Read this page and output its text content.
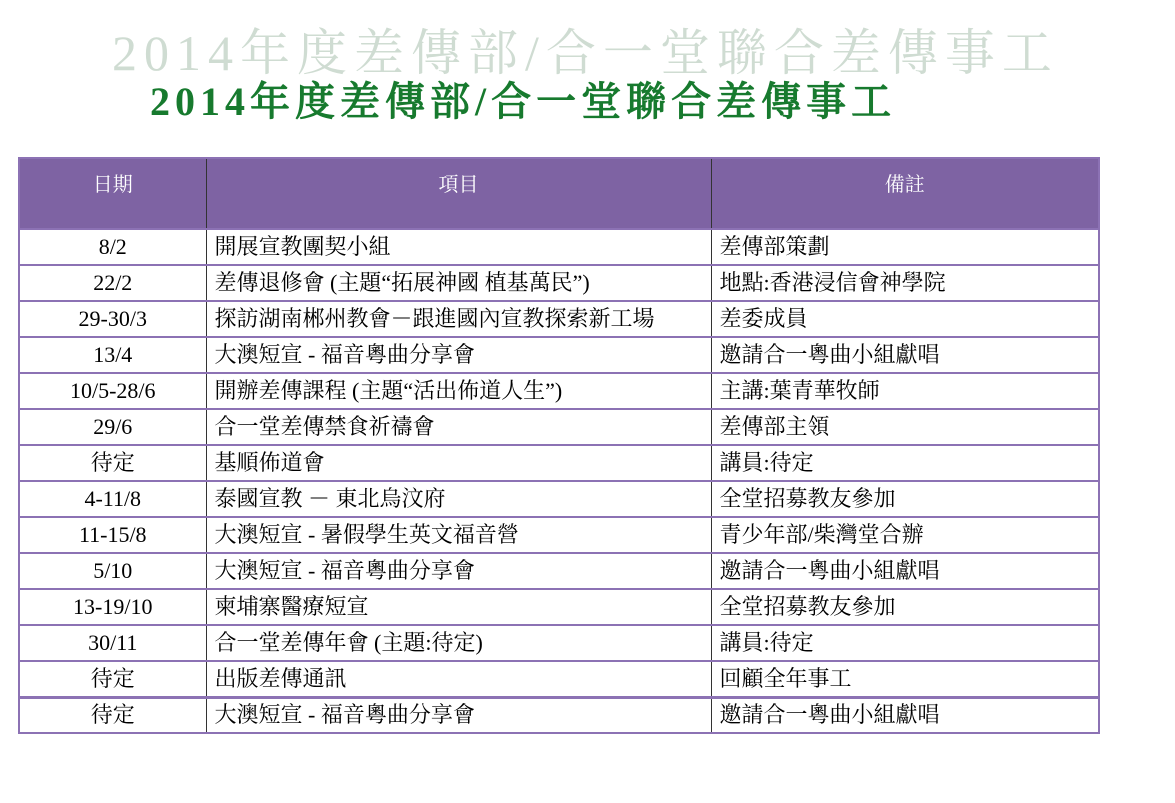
2014年度差傳部/合一堂聯合差傳事工
2014年度差傳部/合一堂聯合差傳事工
日期	項目	備註
8/2	開展宣教團契小組	差傳部策劃
22/2	差傳退修會 (主題“拓展神國 植基萬民”)	地點:香港浸信會神學院
29-30/3	探訪湖南郴州教會－跟進國內宣教探索新工場	差委成員
13/4	大澳短宣 - 福音粵曲分享會	邀請合一粵曲小組獻唱
10/5-28/6	開辦差傳課程 (主題“活出佈道人生”)	主講:葉青華牧師
29/6	合一堂差傳禁食祈禱會	差傳部主領
待定	基順佈道會	講員:待定
4-11/8	泰國宣教 － 東北烏汶府	全堂招募教友參加
11-15/8	大澳短宣 - 暑假學生英文福音營	青少年部/柴灣堂合辦
5/10	大澳短宣 - 福音粵曲分享會	邀請合一粵曲小組獻唱
13-19/10	柬埔寨醫療短宣	全堂招募教友參加
30/11	合一堂差傳年會 (主題:待定)	講員:待定
待定	出版差傳通訊	回顧全年事工
待定	大澳短宣 - 福音粵曲分享會	邀請合一粵曲小組獻唱
